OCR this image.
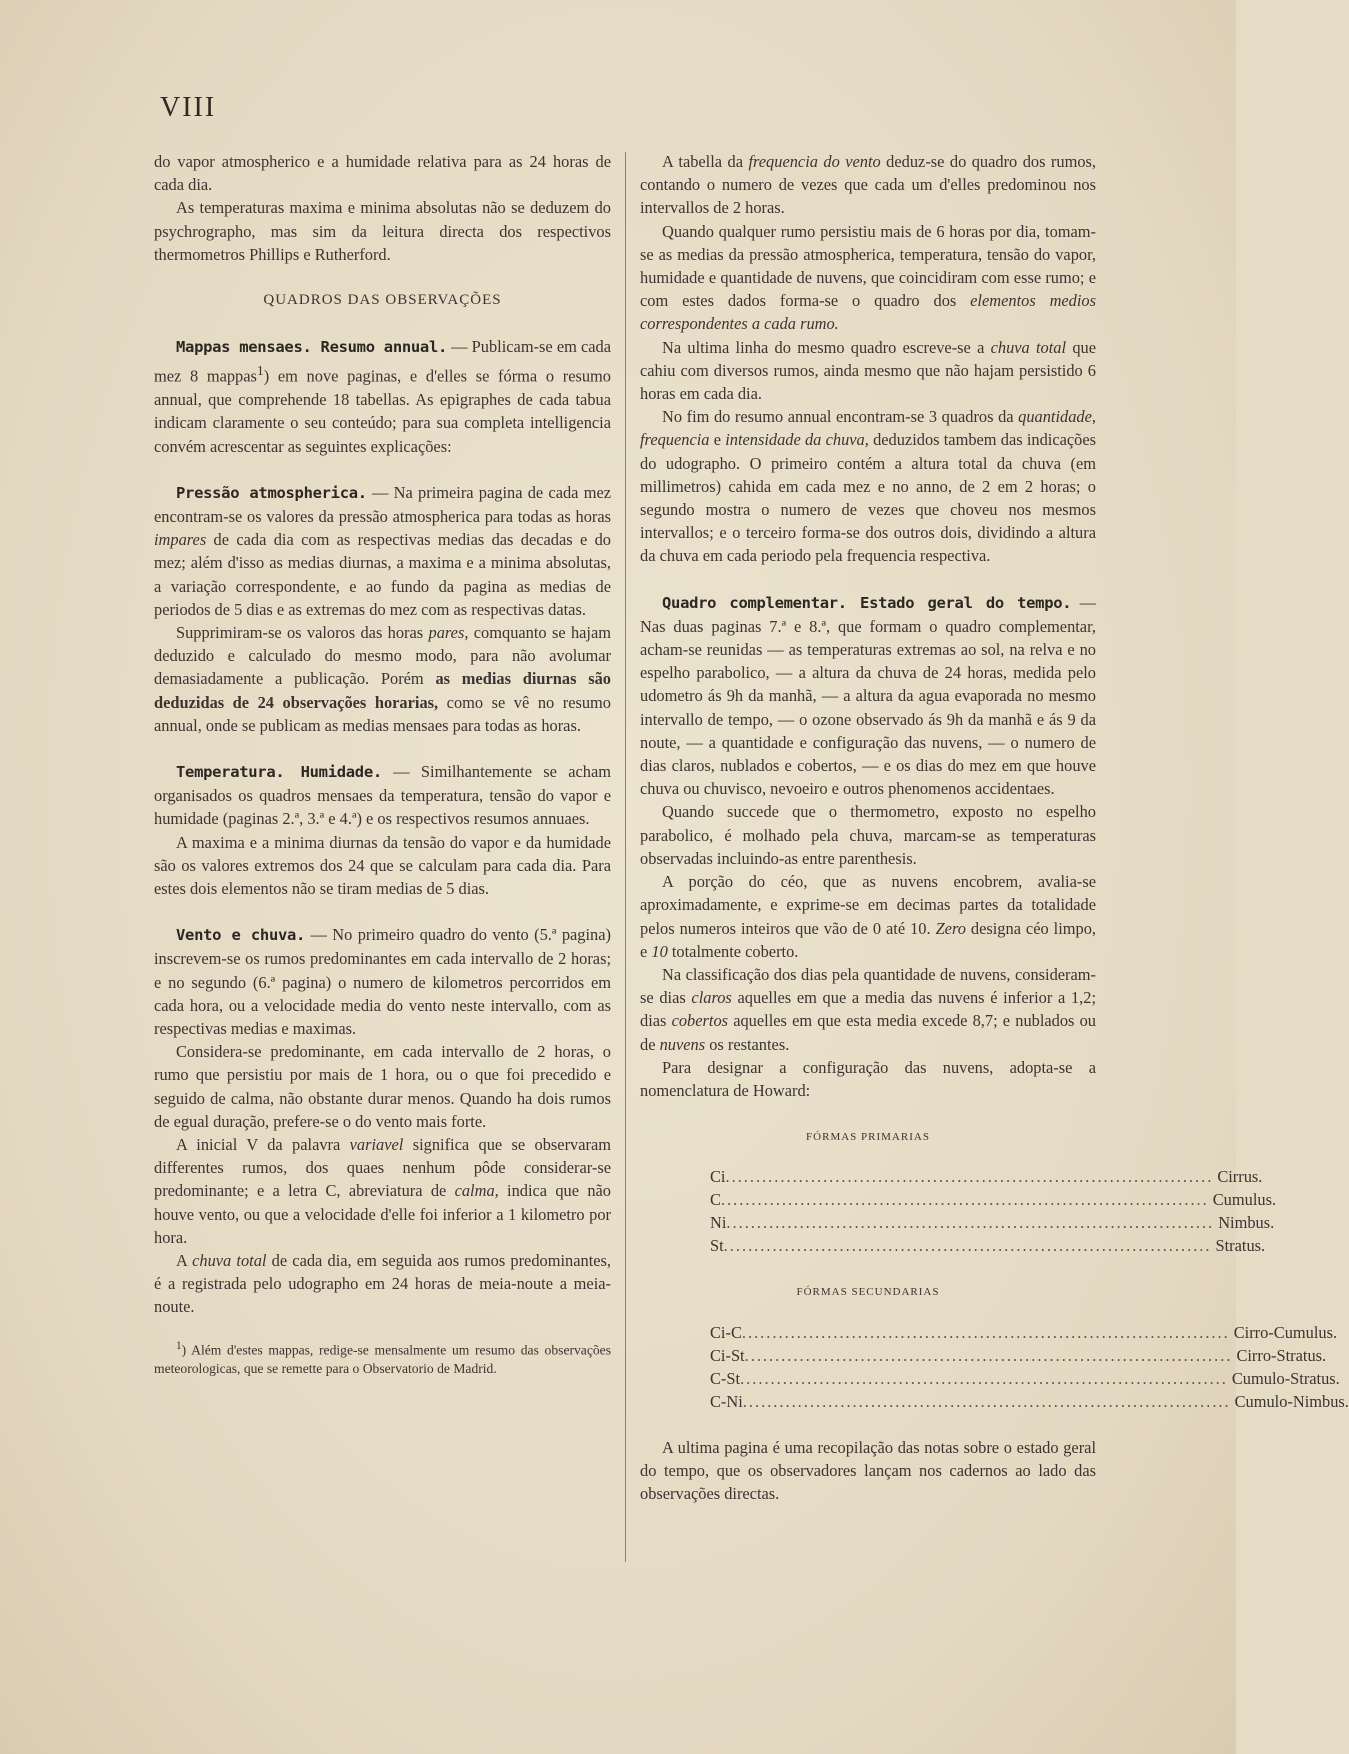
VIII

do vapor atmospherico e a humidade relativa para as 24 horas de cada dia.

As temperaturas maxima e minima absolutas não se deduzem do psychrographo, mas sim da leitura directa dos respectivos thermometros Phillips e Rutherford.

QUADROS DAS OBSERVAÇÕES

Mappas mensaes. Resumo annual. — Publicam-se em cada mez 8 mappas$^1$) em nove paginas, e d'elles se fórma o resumo annual, que comprehende 18 tabellas. As epigraphes de cada tabua indicam claramente o seu conteúdo; para sua completa intelligencia convém acrescentar as seguintes explicações:

Pressão atmospherica. — Na primeira pagina de cada mez encontram-se os valores da pressão atmospherica para todas as horas impares de cada dia com as respectivas medias das decadas e do mez; além d'isso as medias diurnas, a maxima e a minima absolutas, a variação correspondente, e ao fundo da pagina as medias de periodos de 5 dias e as extremas do mez com as respectivas datas.

Supprimiram-se os valoros das horas pares, comquanto se hajam deduzido e calculado do mesmo modo, para não avolumar demasiadamente a publicação. Porém as medias diurnas são deduzidas de 24 observações horarias, como se vê no resumo annual, onde se publicam as medias mensaes para todas as horas.

Temperatura. Humidade. — Similhantemente se acham organisados os quadros mensaes da temperatura, tensão do vapor e humidade (paginas 2.ª, 3.ª e 4.ª) e os respectivos resumos annuaes.

A maxima e a minima diurnas da tensão do vapor e da humidade são os valores extremos dos 24 que se calculam para cada dia. Para estes dois elementos não se tiram medias de 5 dias.

Vento e chuva. — No primeiro quadro do vento (5.ª pagina) inscrevem-se os rumos predominantes em cada intervallo de 2 horas; e no segundo (6.ª pagina) o numero de kilometros percorridos em cada hora, ou a velocidade media do vento neste intervallo, com as respectivas medias e maximas.

Considera-se predominante, em cada intervallo de 2 horas, o rumo que persistiu por mais de 1 hora, ou o que foi precedido e seguido de calma, não obstante durar menos. Quando ha dois rumos de egual duração, prefere-se o do vento mais forte.

A inicial V da palavra variavel significa que se observaram differentes rumos, dos quaes nenhum pôde considerar-se predominante; e a letra C, abreviatura de calma, indica que não houve vento, ou que a velocidade d'elle foi inferior a 1 kilometro por hora.

A chuva total de cada dia, em seguida aos rumos predominantes, é a registrada pelo udographo em 24 horas de meia-noute a meia-noute.

$^1$) Além d'estes mappas, redige-se mensalmente um resumo das observações meteorologicas, que se remette para o Observatorio de Madrid.

A tabella da frequencia do vento deduz-se do quadro dos rumos, contando o numero de vezes que cada um d'elles predominou nos intervallos de 2 horas.

Quando qualquer rumo persistiu mais de 6 horas por dia, tomam-se as medias da pressão atmospherica, temperatura, tensão do vapor, humidade e quantidade de nuvens, que coincidiram com esse rumo; e com estes dados forma-se o quadro dos elementos medios correspondentes a cada rumo.

Na ultima linha do mesmo quadro escreve-se a chuva total que cahiu com diversos rumos, ainda mesmo que não hajam persistido 6 horas em cada dia.

No fim do resumo annual encontram-se 3 quadros da quantidade, frequencia e intensidade da chuva, deduzidos tambem das indicações do udographo. O primeiro contém a altura total da chuva (em millimetros) cahida em cada mez e no anno, de 2 em 2 horas; o segundo mostra o numero de vezes que choveu nos mesmos intervallos; e o terceiro forma-se dos outros dois, dividindo a altura da chuva em cada periodo pela frequencia respectiva.

Quadro complementar. Estado geral do tempo. — Nas duas paginas 7.ª e 8.ª, que formam o quadro complementar, acham-se reunidas — as temperaturas extremas ao sol, na relva e no espelho parabolico, — a altura da chuva de 24 horas, medida pelo udometro ás 9h da manhã, — a altura da agua evaporada no mesmo intervallo de tempo, — o ozone observado ás 9h da manhã e ás 9 da noute, — a quantidade e configuração das nuvens, — o numero de dias claros, nublados e cobertos, — e os dias do mez em que houve chuva ou chuvisco, nevoeiro e outros phenomenos accidentaes.

Quando succede que o thermometro, exposto no espelho parabolico, é molhado pela chuva, marcam-se as temperaturas observadas incluindo-as entre parenthesis.

A porção do céo, que as nuvens encobrem, avalia-se aproximadamente, e exprime-se em decimas partes da totalidade pelos numeros inteiros que vão de 0 até 10. Zero designa céo limpo, e 10 totalmente coberto.

Na classificação dos dias pela quantidade de nuvens, consideram-se dias claros aquelles em que a media das nuvens é inferior a 1,2; dias cobertos aquelles em que esta media excede 8,7; e nublados ou de nuvens os restantes.

Para designar a configuração das nuvens, adopta-se a nomenclatura de Howard:

FÓRMAS PRIMARIAS
Ci ................................................................................ Cirrus.
C ................................................................................ Cumulus.
Ni ................................................................................ Nimbus.
St ................................................................................ Stratus.
FÓRMAS SECUNDARIAS
Ci-C ................................................................................ Cirro-Cumulus.
Ci-St ................................................................................ Cirro-Stratus.
C-St ................................................................................ Cumulo-Stratus.
C-Ni ................................................................................ Cumulo-Nimbus.

A ultima pagina é uma recopilação das notas sobre o estado geral do tempo, que os observadores lançam nos cadernos ao lado das observações directas.
